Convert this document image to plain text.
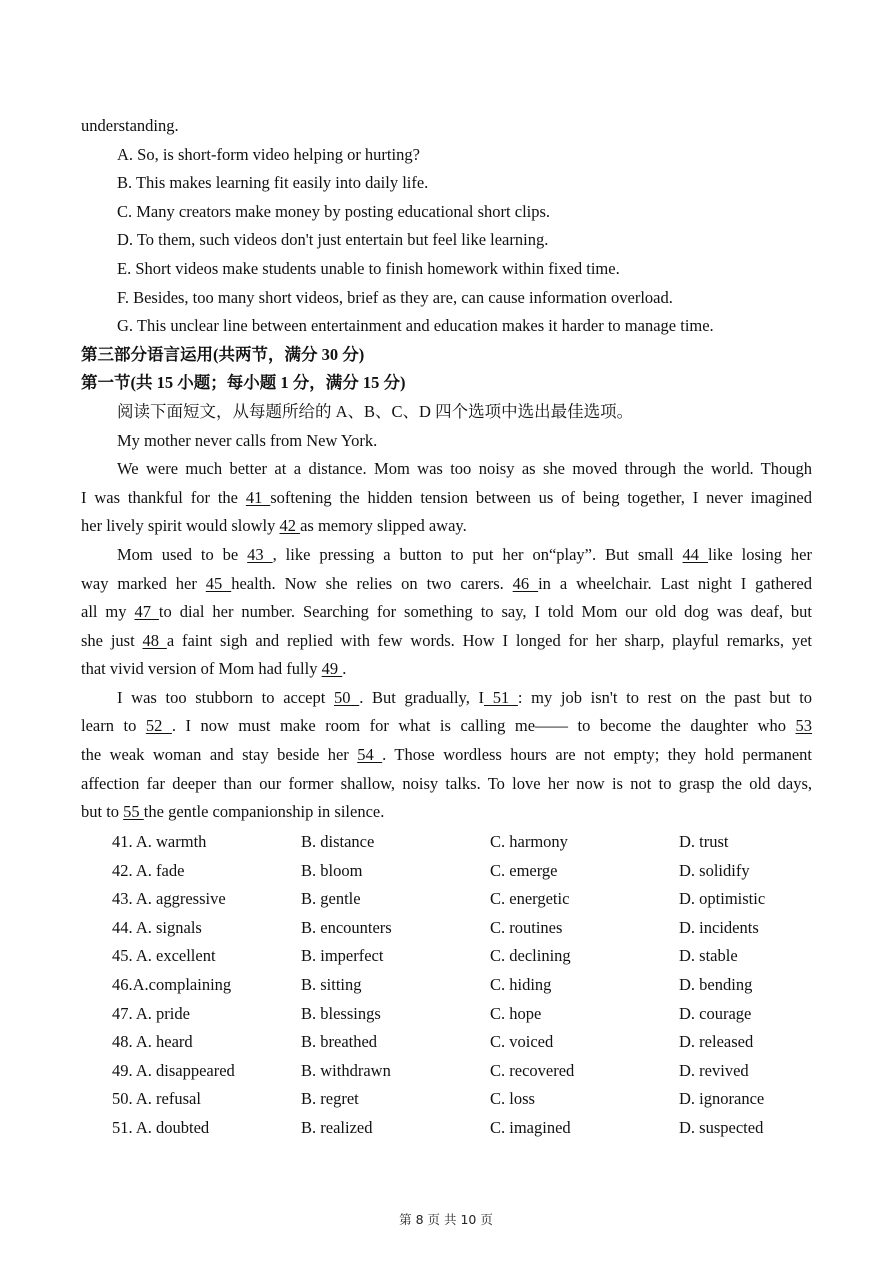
understanding.
A. So, is short-form video helping or hurting?
B. This makes learning fit easily into daily life.
C. Many creators make money by posting educational short clips.
D. To them, such videos don't just entertain but feel like learning.
E. Short videos make students unable to finish homework within fixed time.
F. Besides, too many short videos, brief as they are, can cause information overload.
G. This unclear line between entertainment and education makes it harder to manage time.
第三部分语言运用(共两节，满分 30 分)
第一节(共 15 小题；每小题 1 分，满分 15 分)
阅读下面短文，从每题所给的 A、B、C、D 四个选项中选出最佳选项。
My mother never calls from New York.
We were much better at a distance. Mom was too noisy as she moved through the world. Though
I was thankful for the 41 softening the hidden tension between us of being together, I never imagined
her lively spirit would slowly 42 as memory slipped away.
Mom used to be 43 , like pressing a button to put her on“play”. But small 44 like losing her
way marked her 45 health. Now she relies on two carers. 46 in a wheelchair. Last night I gathered
all my 47 to dial her number. Searching for something to say, I told Mom our old dog was deaf, but
she just 48 a faint sigh and replied with few words. How I longed for her sharp, playful remarks, yet
that vivid version of Mom had fully 49 .
I was too stubborn to accept 50 . But gradually, I 51 : my job isn't to rest on the past but to
learn to 52 . I now must make room for what is calling me—— to become the daughter who 53
the weak woman and stay beside her 54 . Those wordless hours are not empty; they hold permanent
affection far deeper than our former shallow, noisy talks. To love her now is not to grasp the old days,
but to 55 the gentle companionship in silence.
41. A. warmth	B. distance	C. harmony	D. trust
42. A. fade	B. bloom	C. emerge	D. solidify
43. A. aggressive	B. gentle	C. energetic	D. optimistic
44. A. signals	B. encounters	C. routines	D. incidents
45. A. excellent	B. imperfect	C. declining	D. stable
46.A.complaining	B. sitting	C. hiding	D. bending
47. A. pride	B. blessings	C. hope	D. courage
48. A. heard	B. breathed	C. voiced	D. released
49. A. disappeared	B. withdrawn	C. recovered	D. revived
50. A. refusal	B. regret	C. loss	D. ignorance
51. A. doubted	B. realized	C. imagined	D. suspected
第 8 页 共 10 页
